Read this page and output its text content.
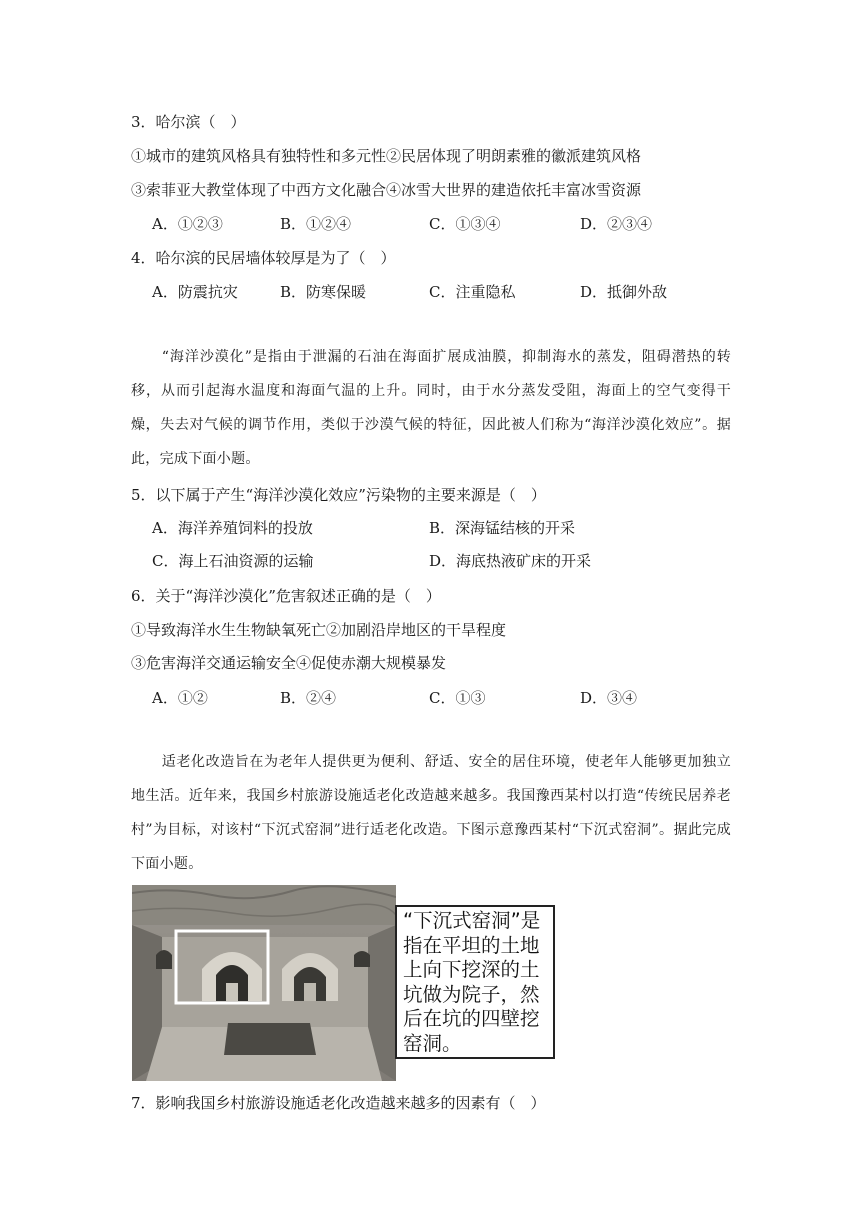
3．哈尔滨（　）
①城市的建筑风格具有独特性和多元性②民居体现了明朗素雅的徽派建筑风格
③索菲亚大教堂体现了中西方文化融合④冰雪大世界的建造依托丰富冰雪资源
A．①②③	B．①②④	C．①③④	D．②③④
4．哈尔滨的民居墙体较厚是为了（　）
A．防震抗灾	B．防寒保暖	C．注重隐私	D．抵御外敌

“海洋沙漠化”是指由于泄漏的石油在海面扩展成油膜，抑制海水的蒸发，阻碍潜热的转移，从而引起海水温度和海面气温的上升。同时，由于水分蒸发受阻，海面上的空气变得干燥，失去对气候的调节作用，类似于沙漠气候的特征，因此被人们称为“海洋沙漠化效应”。据此，完成下面小题。

5．以下属于产生“海洋沙漠化效应”污染物的主要来源是（　）
A．海洋养殖饲料的投放	B．深海锰结核的开采
C．海上石油资源的运输	D．海底热液矿床的开采
6．关于“海洋沙漠化”危害叙述正确的是（　）
①导致海洋水生生物缺氧死亡②加剧沿岸地区的干旱程度
③危害海洋交通运输安全④促使赤潮大规模暴发
A．①②	B．②④	C．①③	D．③④

适老化改造旨在为老年人提供更为便利、舒适、安全的居住环境，使老年人能够更加独立地生活。近年来，我国乡村旅游设施适老化改造越来越多。我国豫西某村以打造“传统民居养老村”为目标，对该村“下沉式窑洞”进行适老化改造。下图示意豫西某村“下沉式窑洞”。据此完成下面小题。

“下沉式窑洞”是指在平坦的土地上向下挖深的土坑做为院子，然后在坑的四壁挖窑洞。
7．影响我国乡村旅游设施适老化改造越来越多的因素有（　）
